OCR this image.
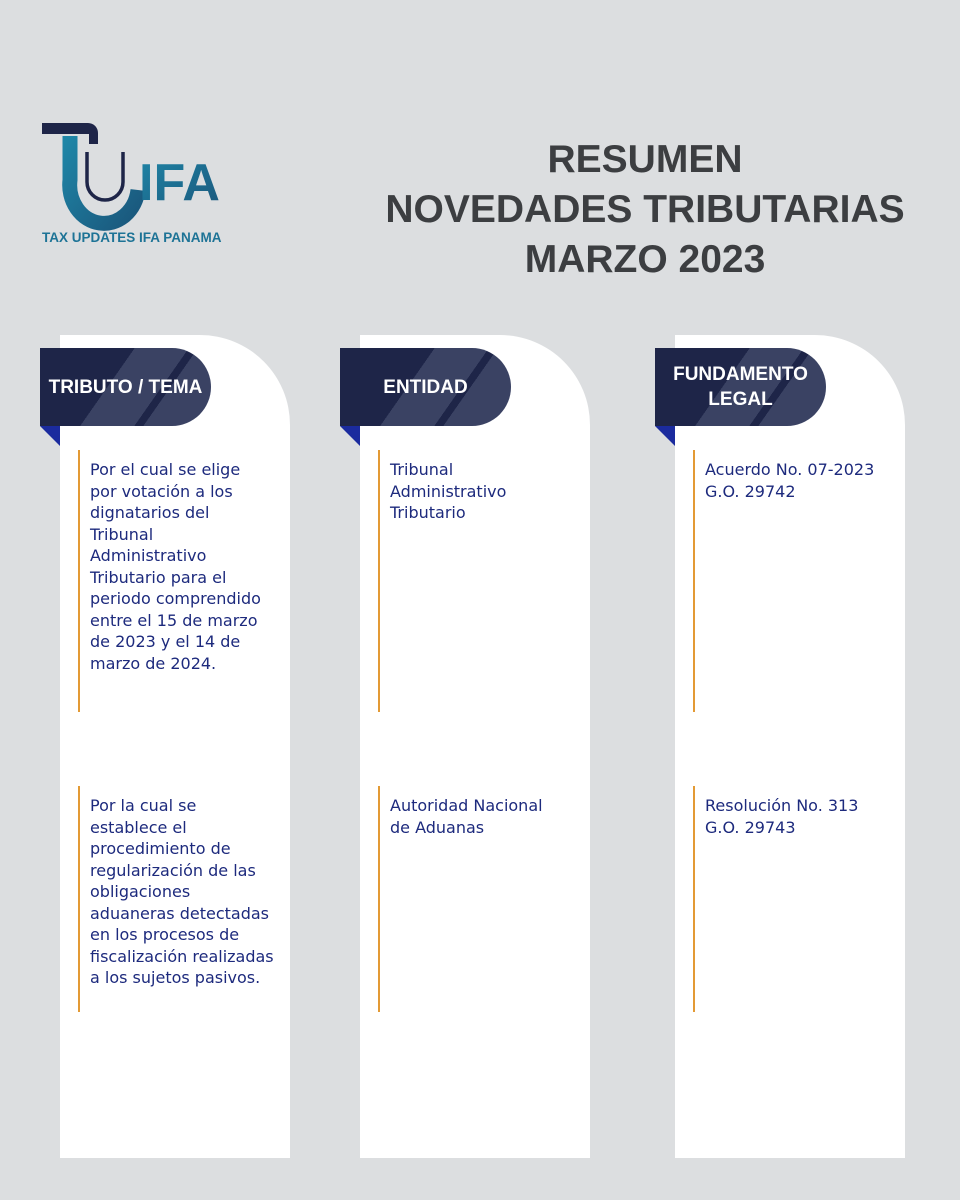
IFA
TAX UPDATES IFA PANAMA
RESUMEN
NOVEDADES TRIBUTARIAS
MARZO 2023
TRIBUTO / TEMA
Por el cual se elige
por votación a los
dignatarios del
Tribunal
Administrativo
Tributario para el
periodo comprendido
entre el 15 de marzo
de 2023 y el 14 de
marzo de 2024.
Por la cual se
establece el
procedimiento de
regularización de las
obligaciones
aduaneras detectadas
en los procesos de
fiscalización realizadas
a los sujetos pasivos.
ENTIDAD
Tribunal
Administrativo
Tributario
Autoridad Nacional
de Aduanas
FUNDAMENTO
LEGAL
Acuerdo No. 07-2023
G.O. 29742
Resolución No. 313
G.O. 29743
